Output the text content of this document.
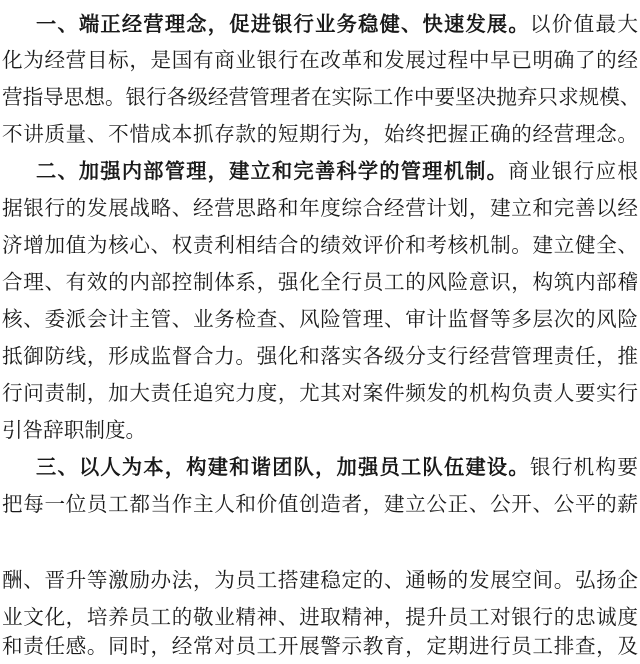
一、端正经营理念，促进银行业务稳健、快速发展。以价值最大
化为经营目标，是国有商业银行在改革和发展过程中早已明确了的经
营指导思想。银行各级经营管理者在实际工作中要坚决抛弃只求规模、
不讲质量、不惜成本抓存款的短期行为，始终把握正确的经营理念。
二、加强内部管理，建立和完善科学的管理机制。商业银行应根
据银行的发展战略、经营思路和年度综合经营计划，建立和完善以经
济增加值为核心、权责利相结合的绩效评价和考核机制。建立健全、
合理、有效的内部控制体系，强化全行员工的风险意识，构筑内部稽
核、委派会计主管、业务检查、风险管理、审计监督等多层次的风险
抵御防线，形成监督合力。强化和落实各级分支行经营管理责任，推
行问责制，加大责任追究力度，尤其对案件频发的机构负责人要实行
引咎辞职制度。
三、以人为本，构建和谐团队，加强员工队伍建设。银行机构要
把每一位员工都当作主人和价值创造者，建立公正、公开、公平的薪
酬、晋升等激励办法，为员工搭建稳定的、通畅的发展空间。弘扬企
业文化，培养员工的敬业精神、进取精神，提升员工对银行的忠诚度
和责任感。同时，经常对员工开展警示教育，定期进行员工排查，及
